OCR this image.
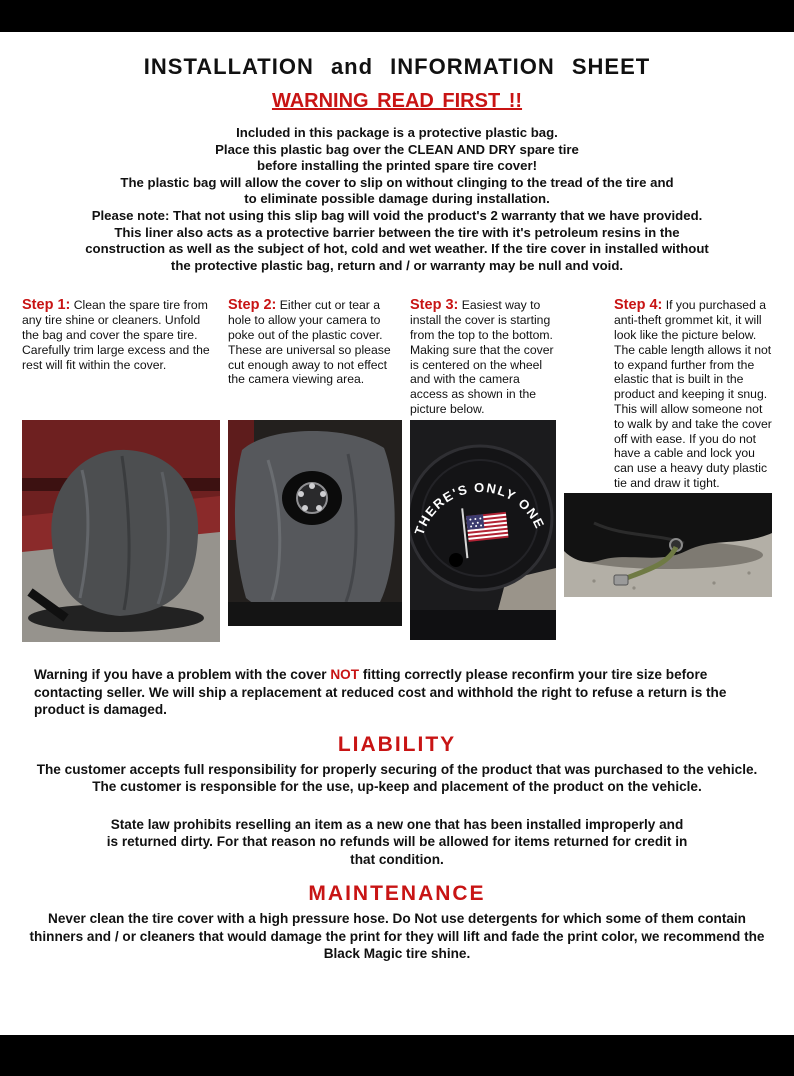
INSTALLATION and INFORMATION SHEET
WARNING READ FIRST !!
Included in this package is a protective plastic bag.
Place this plastic bag over the CLEAN AND DRY spare tire
before installing the printed spare tire cover!
The plastic bag will allow the cover to slip on without clinging to the tread of the tire and
to eliminate possible damage during installation.
Please note: That not using this slip bag will void the product's 2 warranty that we have provided.
This liner also acts as a protective barrier between the tire with it's petroleum resins in the
construction as well as the subject of hot, cold and wet weather. If the tire cover in installed without
the protective plastic bag, return and / or warranty may be null and void.

Step 1: Clean the spare tire from any tire shine or cleaners. Unfold the bag and cover the spare tire. Carefully trim large excess and the rest will fit within the cover.

Step 2: Either cut or tear a hole to allow your camera to poke out of the plastic cover. These are universal so please cut enough away to not effect the camera viewing area.

Step 3: Easiest way to install the cover is starting from the top to the bottom. Making sure that the cover is centered on the wheel and with the camera access as shown in the picture below.

THERE'S ONLY ONE

Step 4: If you purchased a anti-theft grommet kit, it will look like the picture below. The cable length allows it not to expand further from the elastic that is built in the product and keeping it snug. This will allow someone not to walk by and take the cover off with ease. If you do not have a cable and lock you can use a heavy duty plastic tie and draw it tight.

Warning if you have a problem with the cover NOT fitting correctly please reconfirm your tire size before contacting seller. We will ship a replacement at reduced cost and withhold the right to refuse a return is the product is damaged.

LIABILITY

The customer accepts full responsibility for properly securing of the product that was purchased to the vehicle. The customer is responsible for the use, up-keep and placement of the product on the vehicle.

State law prohibits reselling an item as a new one that has been installed improperly and is returned dirty. For that reason no refunds will be allowed for items returned for credit in that condition.

MAINTENANCE

Never clean the tire cover with a high pressure hose. Do Not use detergents for which some of them contain thinners and / or cleaners that would damage the print for they will lift and fade the print color, we recommend the Black Magic tire shine.
